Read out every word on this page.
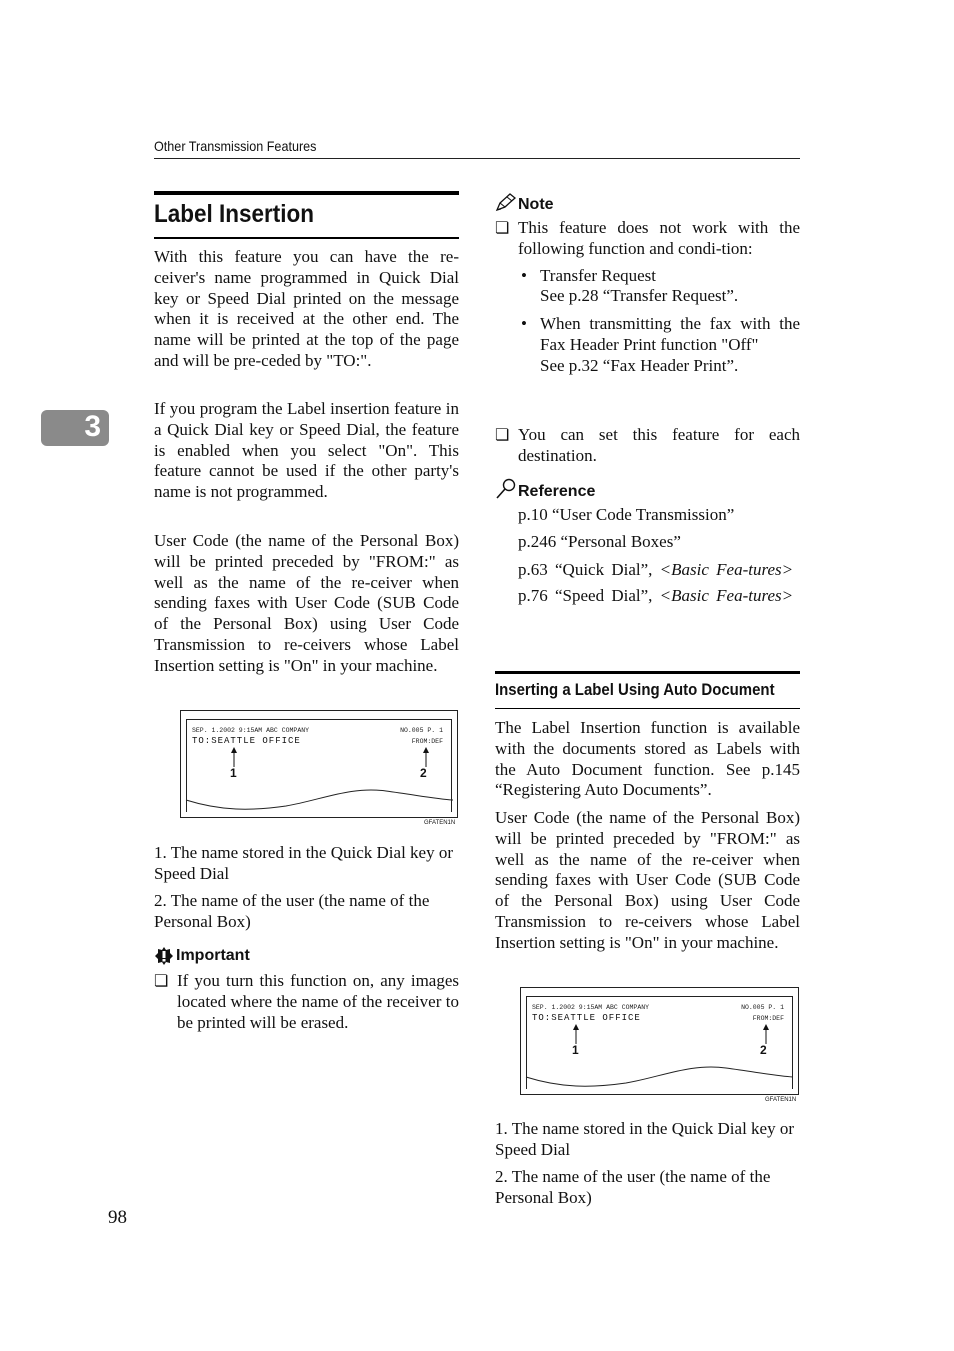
Other Transmission Features
3
Label Insertion

With this feature you can have the re-ceiver's name programmed in Quick Dial key or Speed Dial printed on the message when it is received at the other end. The name will be printed at the top of the page and will be pre-ceded by "TO:".

If you program the Label insertion feature in a Quick Dial key or Speed Dial, the feature is enabled when you select "On". This feature cannot be used if the other party's name is not programmed.

User Code (the name of the Personal Box) will be printed preceded by "FROM:" as well as the name of the re-ceiver when sending faxes with User Code (SUB Code of the Personal Box) using User Code Transmission to re-ceivers whose Label Insertion setting is "On" in your machine.

SEP. 1.2002 9:15AM ABC COMPANY	NO.005 P. 1
TO:SEATTLE OFFICE	FROM:DEF
1	2
GFATEN1N

1. The name stored in the Quick Dial key or Speed Dial

2. The name of the user (the name of the Personal Box)

Important
❏ If you turn this function on, any images located where the name of the receiver to be printed will be erased.

Note
❏ This feature does not work with the following function and condi-tion:

• Transfer Request

See p.28 “Transfer Request”.

• When transmitting the fax with the Fax Header Print function "Off"

See p.32 “Fax Header Print”.

❏ You can set this feature for each destination.

Reference
p.10 “User Code Transmission”
p.246 “Personal Boxes”
p.63 “Quick Dial”, <Basic Fea-tures>
p.76 “Speed Dial”, <Basic Fea-tures>
Inserting a Label Using Auto Document

The Label Insertion function is available with the documents stored as Labels with the Auto Document function. See p.145 “Registering Auto Documents”.

User Code (the name of the Personal Box) will be printed preceded by "FROM:" as well as the name of the re-ceiver when sending faxes with User Code (SUB Code of the Personal Box) using User Code Transmission to re-ceivers whose Label Insertion setting is "On" in your machine.

SEP. 1.2002 9:15AM ABC COMPANY	NO.005 P. 1
TO:SEATTLE OFFICE	FROM:DEF
1	2
GFATEN1N

1. The name stored in the Quick Dial key or Speed Dial

2. The name of the user (the name of the Personal Box)

98
